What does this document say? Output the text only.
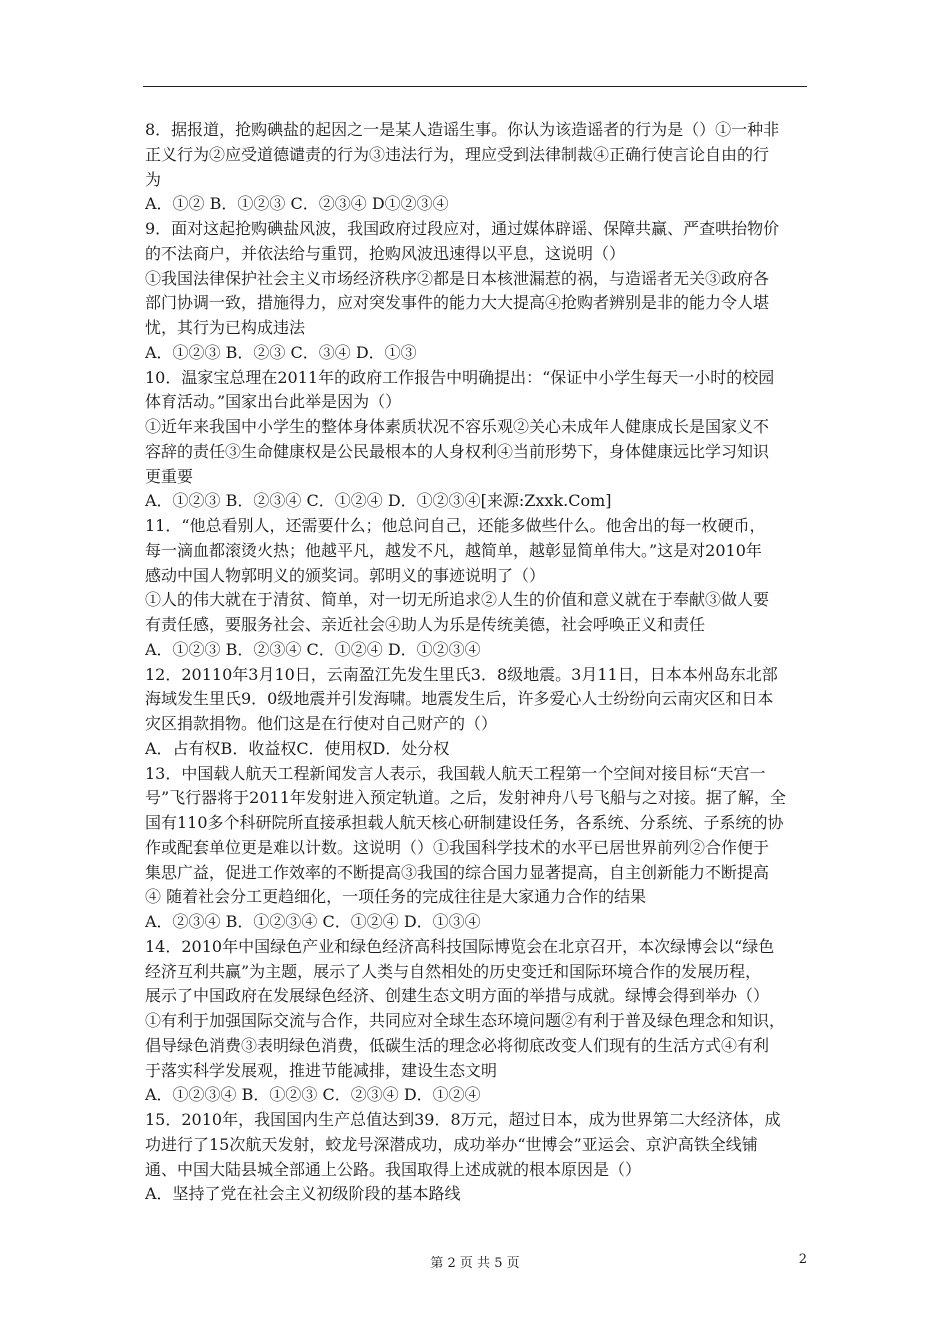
8．据报道，抢购碘盐的起因之一是某人造谣生事。你认为该造谣者的行为是（）①一种非
正义行为②应受道德谴责的行为③违法行为，理应受到法律制裁④正确行使言论自由的行
为
A．①② B．①②③ C．②③④ D①②③④
9．面对这起抢购碘盐风波，我国政府过段应对，通过媒体辟谣、保障共赢、严查哄抬物价
的不法商户，并依法给与重罚，抢购风波迅速得以平息，这说明（）
①我国法律保护社会主义市场经济秩序②都是日本核泄漏惹的祸，与造谣者无关③政府各
部门协调一致，措施得力，应对突发事件的能力大大提高④抢购者辨别是非的能力令人堪
忧，其行为已构成违法
A．①②③ B．②③ C．③④ D．①③
10．温家宝总理在2011年的政府工作报告中明确提出：“保证中小学生每天一小时的校园
体育活动。”国家出台此举是因为（）
①近年来我国中小学生的整体身体素质状况不容乐观②关心未成年人健康成长是国家义不
容辞的责任③生命健康权是公民最根本的人身权利④当前形势下，身体健康远比学习知识
更重要
A．①②③ B．②③④ C．①②④ D．①②③④[来源:Zxxk.Com]
11．“他总看别人，还需要什么；他总问自己，还能多做些什么。他舍出的每一枚硬币，
每一滴血都滚烫火热；他越平凡，越发不凡，越简单，越彰显简单伟大。”这是对2010年
感动中国人物郭明义的颁奖词。郭明义的事迹说明了（）
①人的伟大就在于清贫、简单，对一切无所追求②人生的价值和意义就在于奉献③做人要
有责任感，要服务社会、亲近社会④助人为乐是传统美德，社会呼唤正义和责任
A．①②③ B．②③④ C．①②④ D．①②③④
12．20110年3月10日，云南盈江先发生里氏3．8级地震。3月11日，日本本州岛东北部
海域发生里氏9．0级地震并引发海啸。地震发生后，许多爱心人士纷纷向云南灾区和日本
灾区捐款捐物。他们这是在行使对自己财产的（）
A．占有权B．收益权C．使用权D．处分权
13．中国载人航天工程新闻发言人表示，我国载人航天工程第一个空间对接目标“天宫一
号”飞行器将于2011年发射进入预定轨道。之后，发射神舟八号飞船与之对接。据了解，全
国有110多个科研院所直接承担载人航天核心研制建设任务，各系统、分系统、子系统的协
作或配套单位更是难以计数。这说明（）①我国科学技术的水平已居世界前列②合作便于
集思广益，促进工作效率的不断提高③我国的综合国力显著提高，自主创新能力不断提高
④ 随着社会分工更趋细化，一项任务的完成往往是大家通力合作的结果
A．②③④ B．①②③④ C．①②④ D．①③④
14．2010年中国绿色产业和绿色经济高科技国际博览会在北京召开，本次绿博会以“绿色
经济互利共赢”为主题，展示了人类与自然相处的历史变迁和国际环境合作的发展历程，
展示了中国政府在发展绿色经济、创建生态文明方面的举措与成就。绿博会得到举办（）
①有利于加强国际交流与合作，共同应对全球生态环境问题②有利于普及绿色理念和知识，
倡导绿色消费③表明绿色消费，低碳生活的理念必将彻底改变人们现有的生活方式④有利
于落实科学发展观，推进节能减排，建设生态文明
A．①②③④ B．①②③ C．②③④ D．①②④
15．2010年，我国国内生产总值达到39．8万元，超过日本，成为世界第二大经济体，成
功进行了15次航天发射，蛟龙号深潜成功，成功举办“世博会”亚运会、京沪高铁全线铺
通、中国大陆县城全部通上公路。我国取得上述成就的根本原因是（）
A．坚持了党在社会主义初级阶段的基本路线
第 2 页 共 5 页	2
